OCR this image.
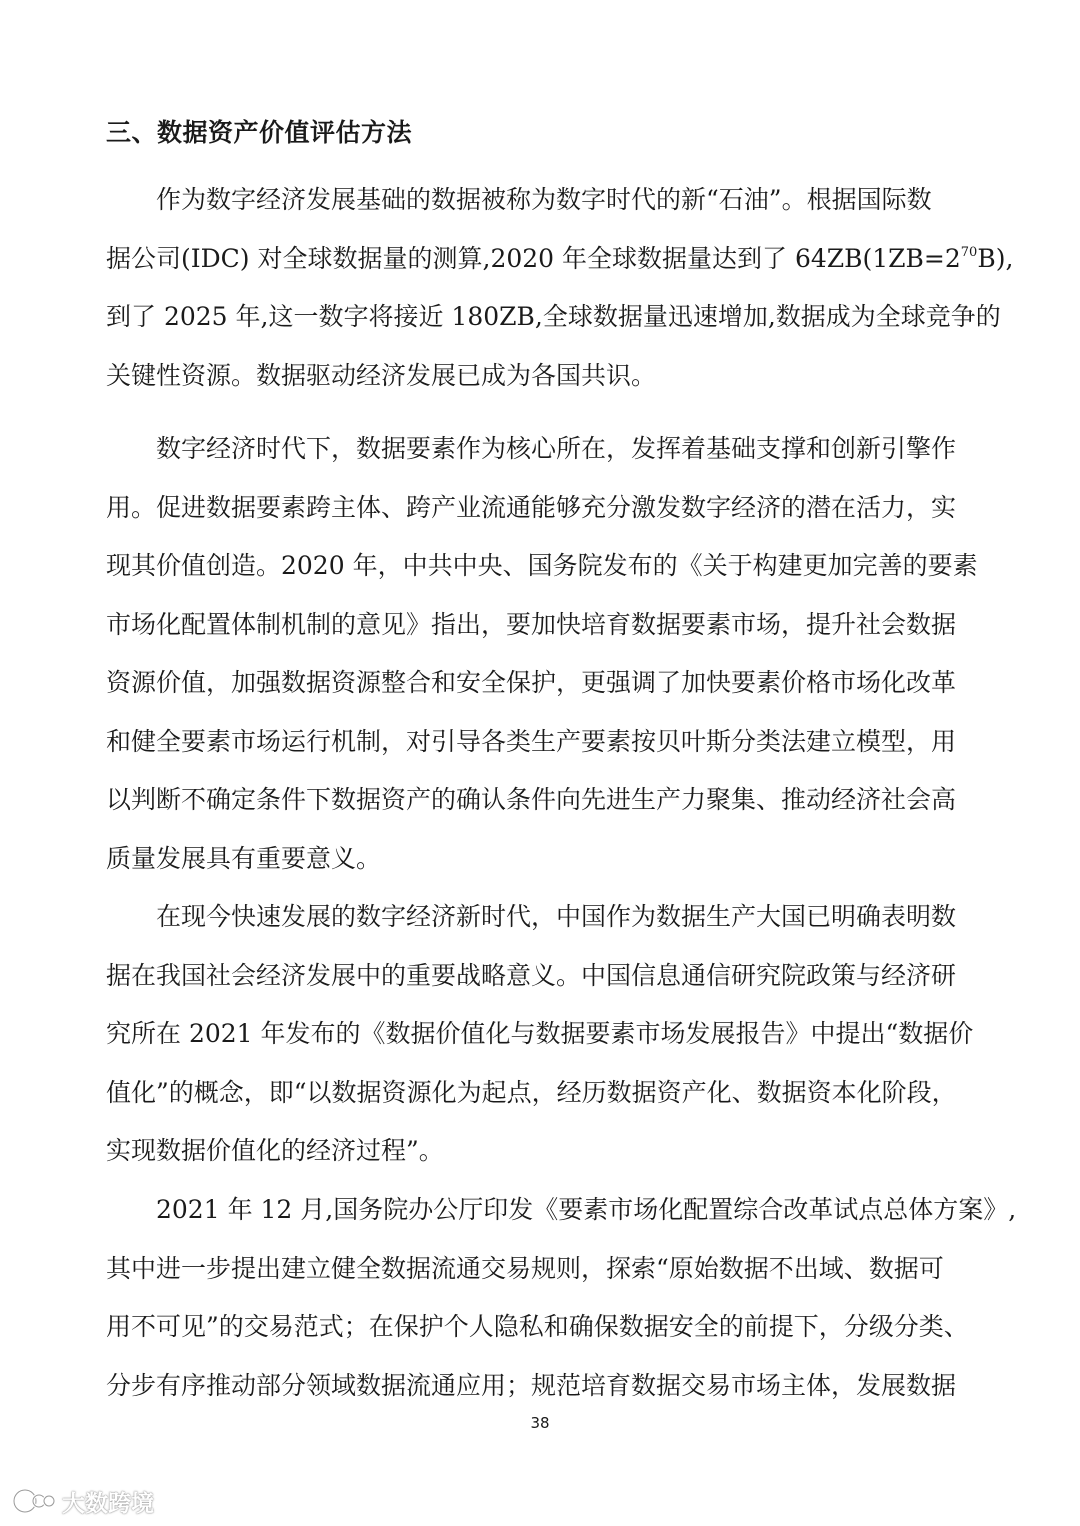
三、数据资产价值评估方法
作为数字经济发展基础的数据被称为数字时代的新“石油”。根据国际数
据公司(IDC) 对全球数据量的测算,2020 年全球数据量达到了 $64ZB(1ZB=2^{70}B)$,
到了 2025 年,这一数字将接近 180ZB,全球数据量迅速增加,数据成为全球竞争的
关键性资源。数据驱动经济发展已成为各国共识。
数字经济时代下，数据要素作为核心所在，发挥着基础支撑和创新引擎作
用。促进数据要素跨主体、跨产业流通能够充分激发数字经济的潜在活力，实
现其价值创造。2020 年，中共中央、国务院发布的《关于构建更加完善的要素
市场化配置体制机制的意见》指出，要加快培育数据要素市场，提升社会数据
资源价值，加强数据资源整合和安全保护，更强调了加快要素价格市场化改革
和健全要素市场运行机制，对引导各类生产要素按贝叶斯分类法建立模型，用
以判断不确定条件下数据资产的确认条件向先进生产力聚集、推动经济社会高
质量发展具有重要意义。
在现今快速发展的数字经济新时代，中国作为数据生产大国已明确表明数
据在我国社会经济发展中的重要战略意义。中国信息通信研究院政策与经济研
究所在 2021 年发布的《数据价值化与数据要素市场发展报告》中提出“数据价
值化”的概念，即“以数据资源化为起点，经历数据资产化、数据资本化阶段，
实现数据价值化的经济过程”。
2021 年 12 月,国务院办公厅印发《要素市场化配置综合改革试点总体方案》,
其中进一步提出建立健全数据流通交易规则，探索“原始数据不出域、数据可
用不可见”的交易范式；在保护个人隐私和确保数据安全的前提下，分级分类、
分步有序推动部分领域数据流通应用；规范培育数据交易市场主体，发展数据
38
大数跨境
